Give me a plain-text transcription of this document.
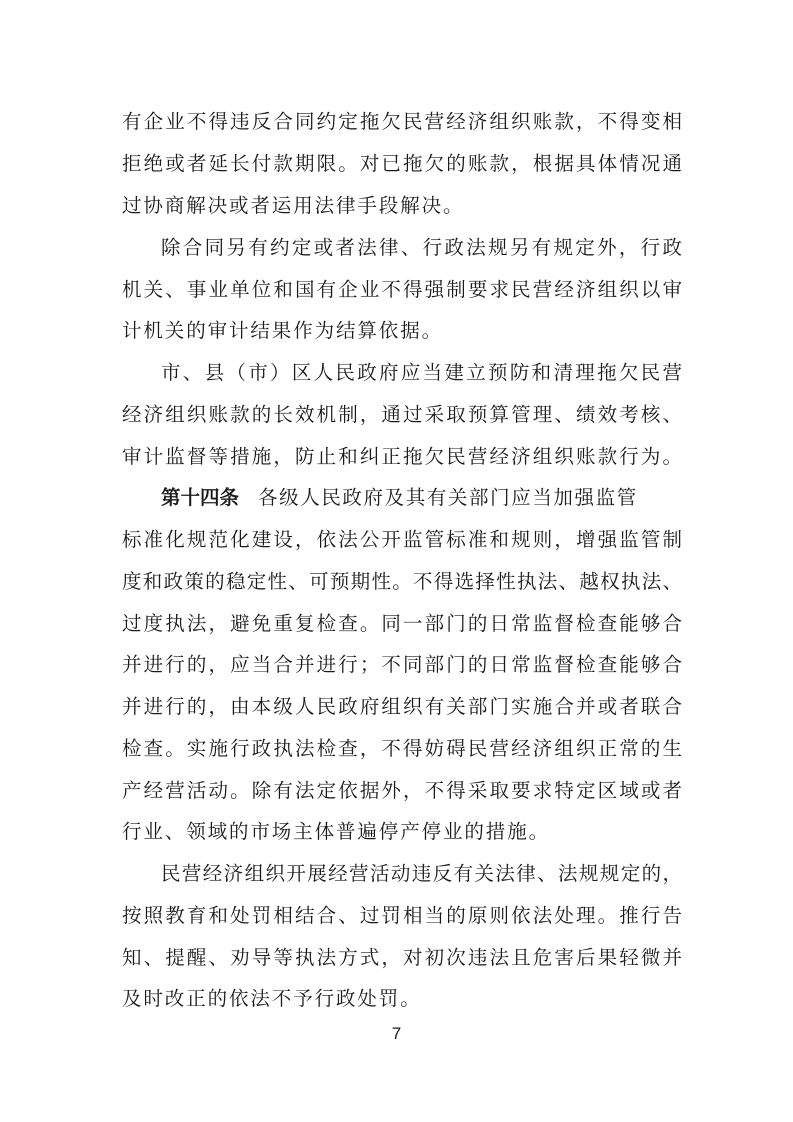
有企业不得违反合同约定拖欠民营经济组织账款，不得变相
拒绝或者延长付款期限。对已拖欠的账款，根据具体情况通
过协商解决或者运用法律手段解决。
除合同另有约定或者法律、行政法规另有规定外，行政
机关、事业单位和国有企业不得强制要求民营经济组织以审
计机关的审计结果作为结算依据。
市、县（市）区人民政府应当建立预防和清理拖欠民营
经济组织账款的长效机制，通过采取预算管理、绩效考核、
审计监督等措施，防止和纠正拖欠民营经济组织账款行为。
第十四条 各级人民政府及其有关部门应当加强监管
标准化规范化建设，依法公开监管标准和规则，增强监管制
度和政策的稳定性、可预期性。不得选择性执法、越权执法、
过度执法，避免重复检查。同一部门的日常监督检查能够合
并进行的，应当合并进行；不同部门的日常监督检查能够合
并进行的，由本级人民政府组织有关部门实施合并或者联合
检查。实施行政执法检查，不得妨碍民营经济组织正常的生
产经营活动。除有法定依据外，不得采取要求特定区域或者
行业、领域的市场主体普遍停产停业的措施。
民营经济组织开展经营活动违反有关法律、法规规定的，
按照教育和处罚相结合、过罚相当的原则依法处理。推行告
知、提醒、劝导等执法方式，对初次违法且危害后果轻微并
及时改正的依法不予行政处罚。
7
